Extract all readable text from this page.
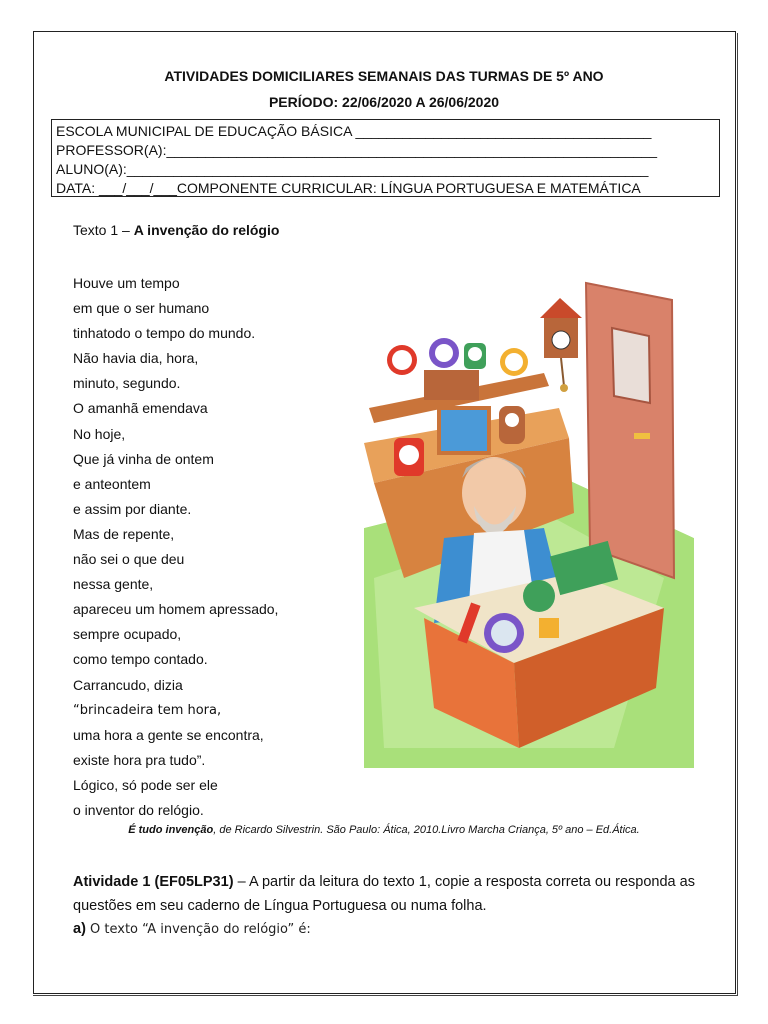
ATIVIDADES DOMICILIARES SEMANAIS DAS TURMAS DE 5º ANO
PERÍODO: 22/06/2020 A 26/06/2020
ESCOLA MUNICIPAL DE EDUCAÇÃO BÁSICA ______________________________________
PROFESSOR(A):_______________________________________________________________
ALUNO(A):___________________________________________________________________
DATA: ___/___/___COMPONENTE CURRICULAR: LÍNGUA PORTUGUESA E MATEMÁTICA
Texto 1 – A invenção do relógio
Houve um tempo
em que o ser humano
tinhatodo o tempo do mundo.
Não havia dia, hora,
minuto, segundo.
O amanhã emendava
No hoje,
Que já vinha de ontem
e anteontem
e assim por diante.
Mas de repente,
não sei o que deu
nessa gente,
apareceu um homem apressado,
sempre ocupado,
como tempo contado.
Carrancudo, dizia
“brincadeira tem hora,
uma hora a gente se encontra,
existe hora pra tudo”.
Lógico, só pode ser ele
o inventor do relógio.
É tudo invenção, de Ricardo Silvestrin. São Paulo: Ática, 2010.Livro Marcha Criança, 5º ano – Ed.Ática.
Atividade 1 (EF05LP31) – A partir da leitura do texto 1, copie a resposta correta ou responda as questões em seu caderno de Língua Portuguesa ou numa folha.
a) O texto “A invenção do relógio” é:
